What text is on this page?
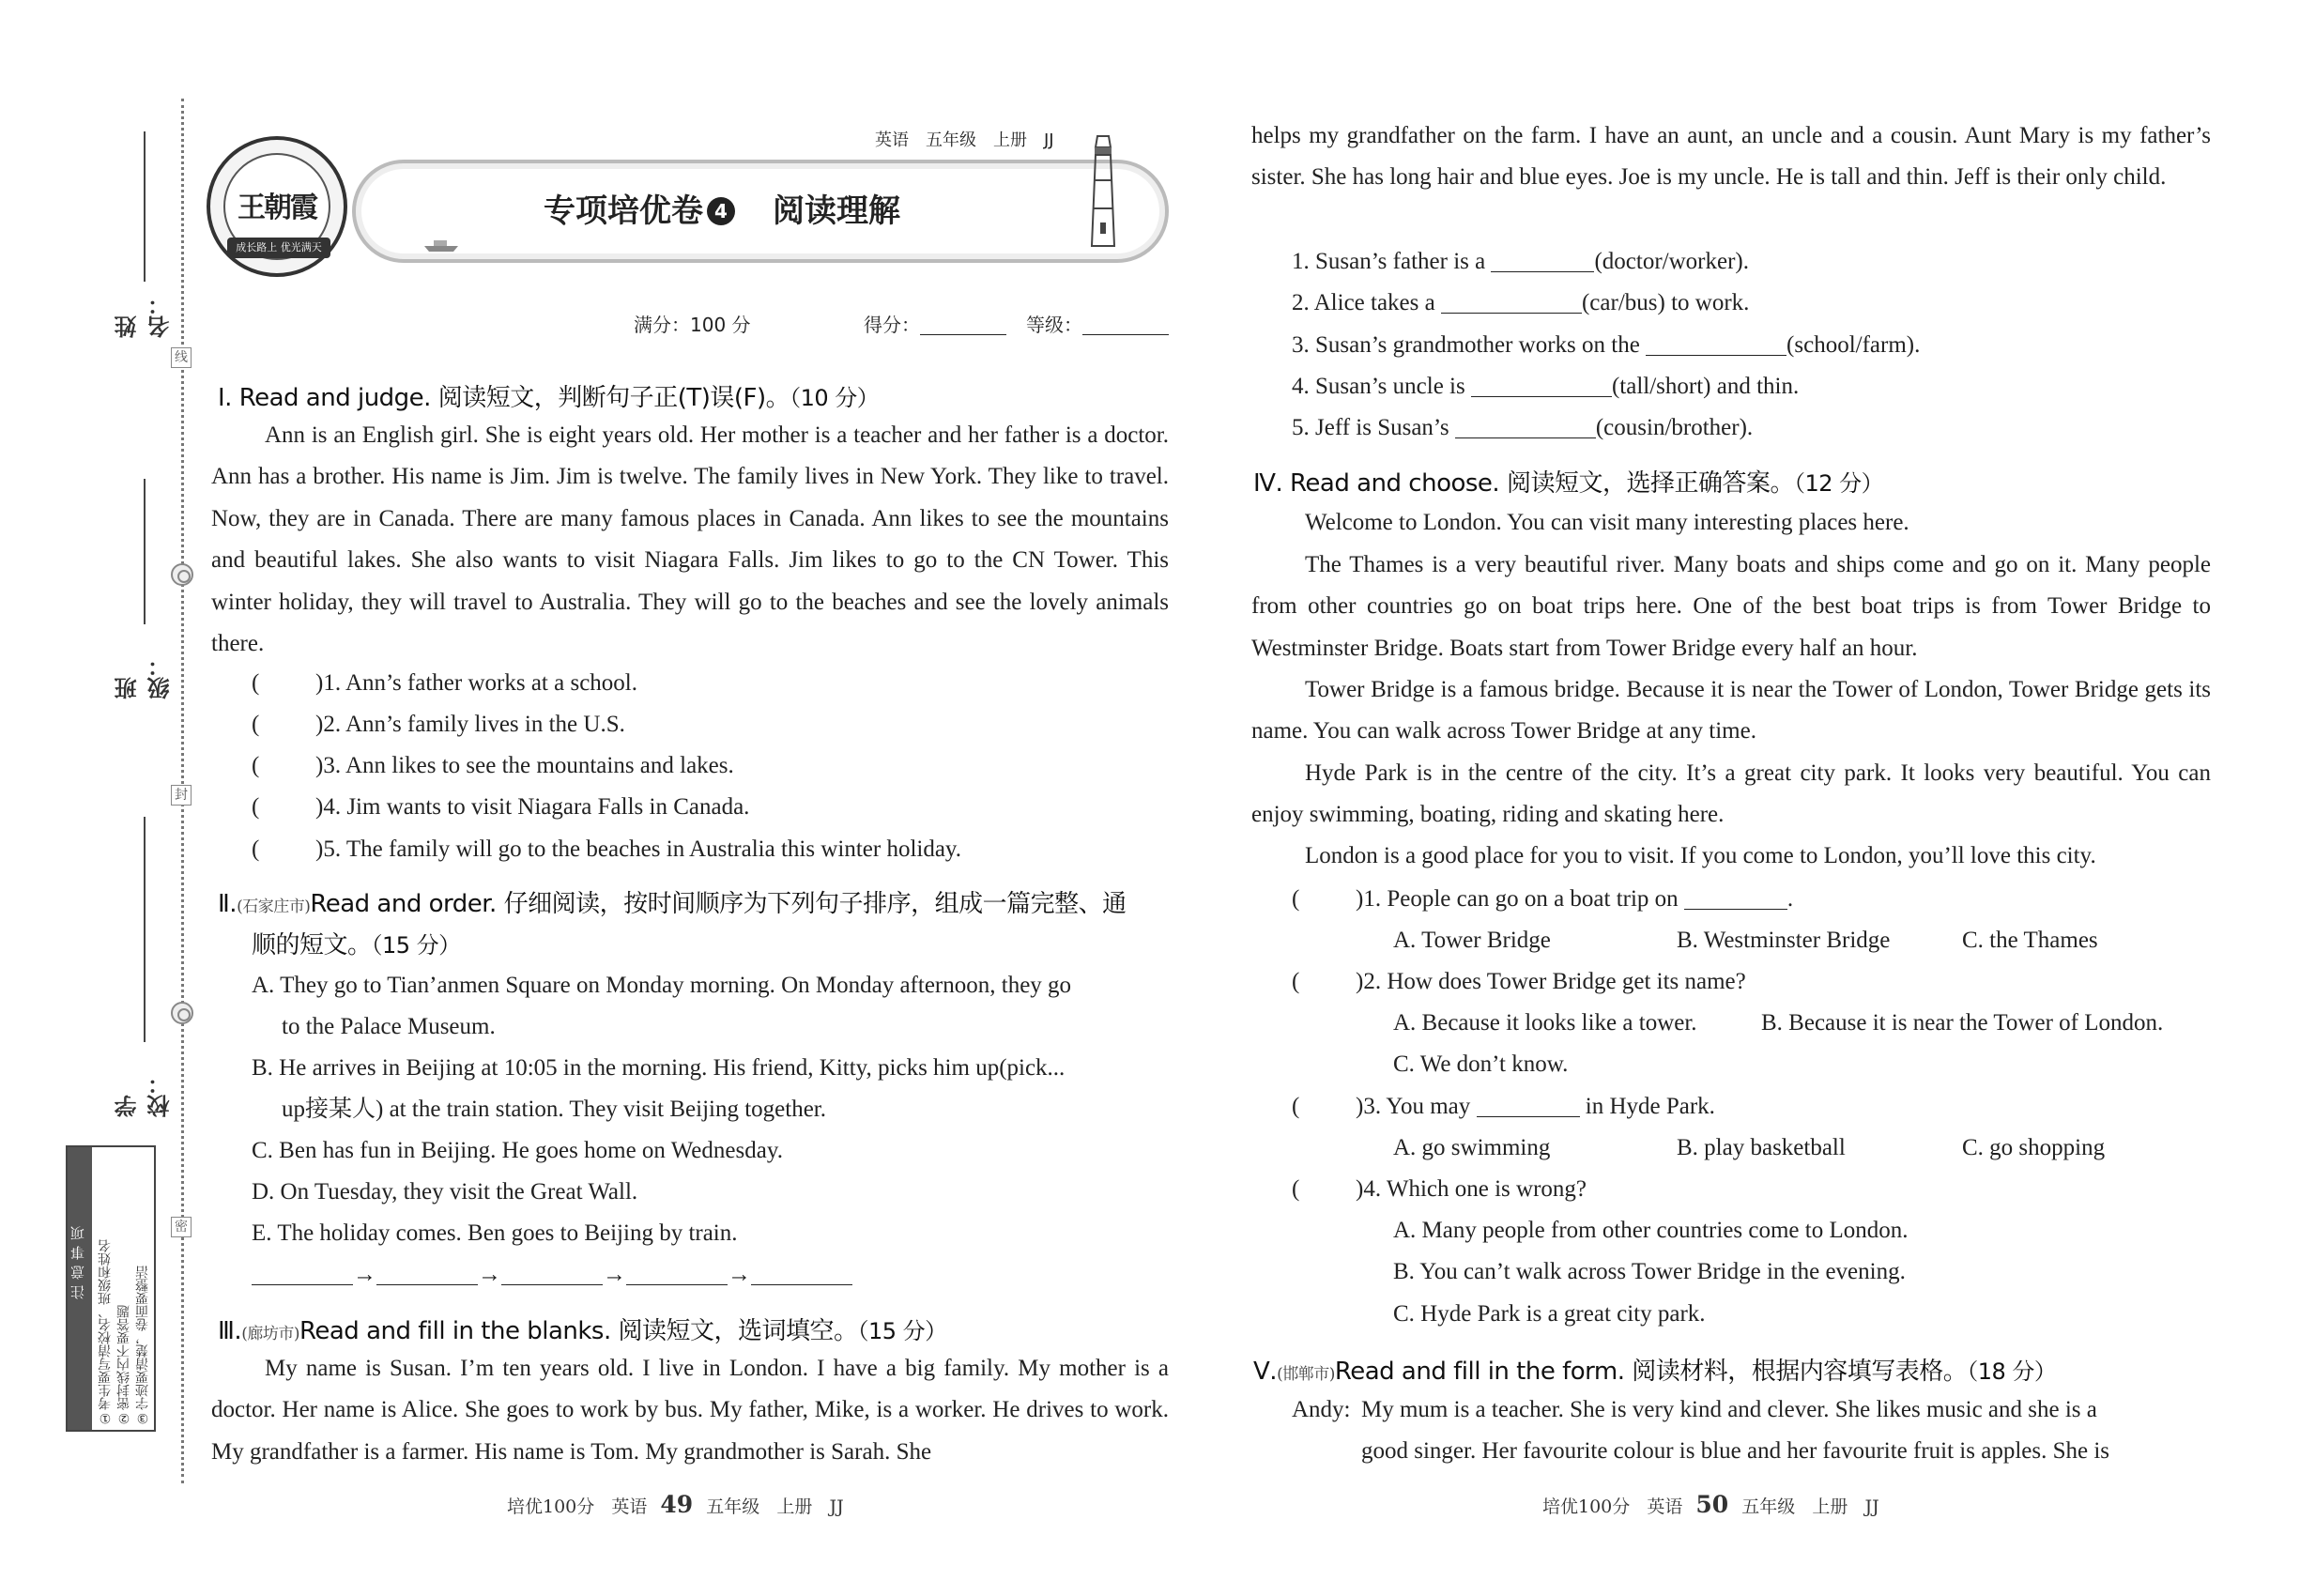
线
封
密
姓 名：
班 级：
学 校：
注意事项 ①考生要写清校名、班级和姓名 ②密封线内不要答题 ③字迹要清楚，卷面要整洁
专项培优卷 4 阅读理解
王朝霞
成长路上 优光满天
英语 五年级 上册 JJ
满分：100 分	得分：	等级：
Ⅰ. Read and judge. 阅读短文，判断句子正(T)误(F)。（10 分）
Ann is an English girl. She is eight years old. Her mother is a teacher and her father is a doctor. Ann has a brother. His name is Jim. Jim is twelve. The family lives in New York. They like to travel. Now, they are in Canada. There are many famous places in Canada. Ann likes to see the mountains and beautiful lakes. She also wants to visit Niagara Falls. Jim likes to go to the CN Tower. This winter holiday, they will travel to Australia. They will go to the beaches and see the lovely animals there.
( )1. Ann’s father works at a school.
( )2. Ann’s family lives in the U.S.
( )3. Ann likes to see the mountains and lakes.
( )4. Jim wants to visit Niagara Falls in Canada.
( )5. The family will go to the beaches in Australia this winter holiday.
Ⅱ.(石家庄市)Read and order. 仔细阅读，按时间顺序为下列句子排序，组成一篇完整、通
顺的短文。（15 分）
A. They go to Tian’anmen Square on Monday morning. On Monday afternoon, they go
to the Palace Museum.
B. He arrives in Beijing at 10:05 in the morning. His friend, Kitty, picks him up(pick...
up接某人) at the train station. They visit Beijing together.
C. Ben has fun in Beijing. He goes home on Wednesday.
D. On Tuesday, they visit the Great Wall.
E. The holiday comes. Ben goes to Beijing by train.
→	→	→	→
Ⅲ.(廊坊市)Read and fill in the blanks. 阅读短文，选词填空。（15 分）
My name is Susan. I’m ten years old. I live in London. I have a big family. My mother is a doctor. Her name is Alice. She goes to work by bus. My father, Mike, is a worker. He drives to work. My grandfather is a farmer. His name is Tom. My grandmother is Sarah. She
培优100分 英语 49 五年级 上册 JJ
helps my grandfather on the farm. I have an aunt, an uncle and a cousin. Aunt Mary is my father’s sister. She has long hair and blue eyes. Joe is my uncle. He is tall and thin. Jeff is their only child.
1. Susan’s father is a	(doctor/worker).
2. Alice takes a	(car/bus) to work.
3. Susan’s grandmother works on the	(school/farm).
4. Susan’s uncle is	(tall/short) and thin.
5. Jeff is Susan’s	(cousin/brother).
Ⅳ. Read and choose. 阅读短文，选择正确答案。（12 分）
Welcome to London. You can visit many interesting places here.
The Thames is a very beautiful river. Many boats and ships come and go on it. Many people from other countries go on boat trips here. One of the best boat trips is from Tower Bridge to Westminster Bridge. Boats start from Tower Bridge every half an hour.
Tower Bridge is a famous bridge. Because it is near the Tower of London, Tower Bridge gets its name. You can walk across Tower Bridge at any time.
Hyde Park is in the centre of the city. It’s a great city park. It looks very beautiful. You can enjoy swimming, boating, riding and skating here.
London is a good place for you to visit. If you come to London, you’ll love this city.
( )1. People can go on a boat trip on	.
A. Tower Bridge	B. Westminster Bridge	C. the Thames
( )2. How does Tower Bridge get its name?
A. Because it looks like a tower.	B. Because it is near the Tower of London.
C. We don’t know.
( )3. You may	in Hyde Park.
A. go swimming	B. play basketball	C. go shopping
( )4. Which one is wrong?
A. Many people from other countries come to London.
B. You can’t walk across Tower Bridge in the evening.
C. Hyde Park is a great city park.
Ⅴ.(邯郸市)Read and fill in the form. 阅读材料，根据内容填写表格。（18 分）
Andy: My mum is a teacher. She is very kind and clever. She likes music and she is a
good singer. Her favourite colour is blue and her favourite fruit is apples. She is
培优100分 英语 50 五年级 上册 JJ
